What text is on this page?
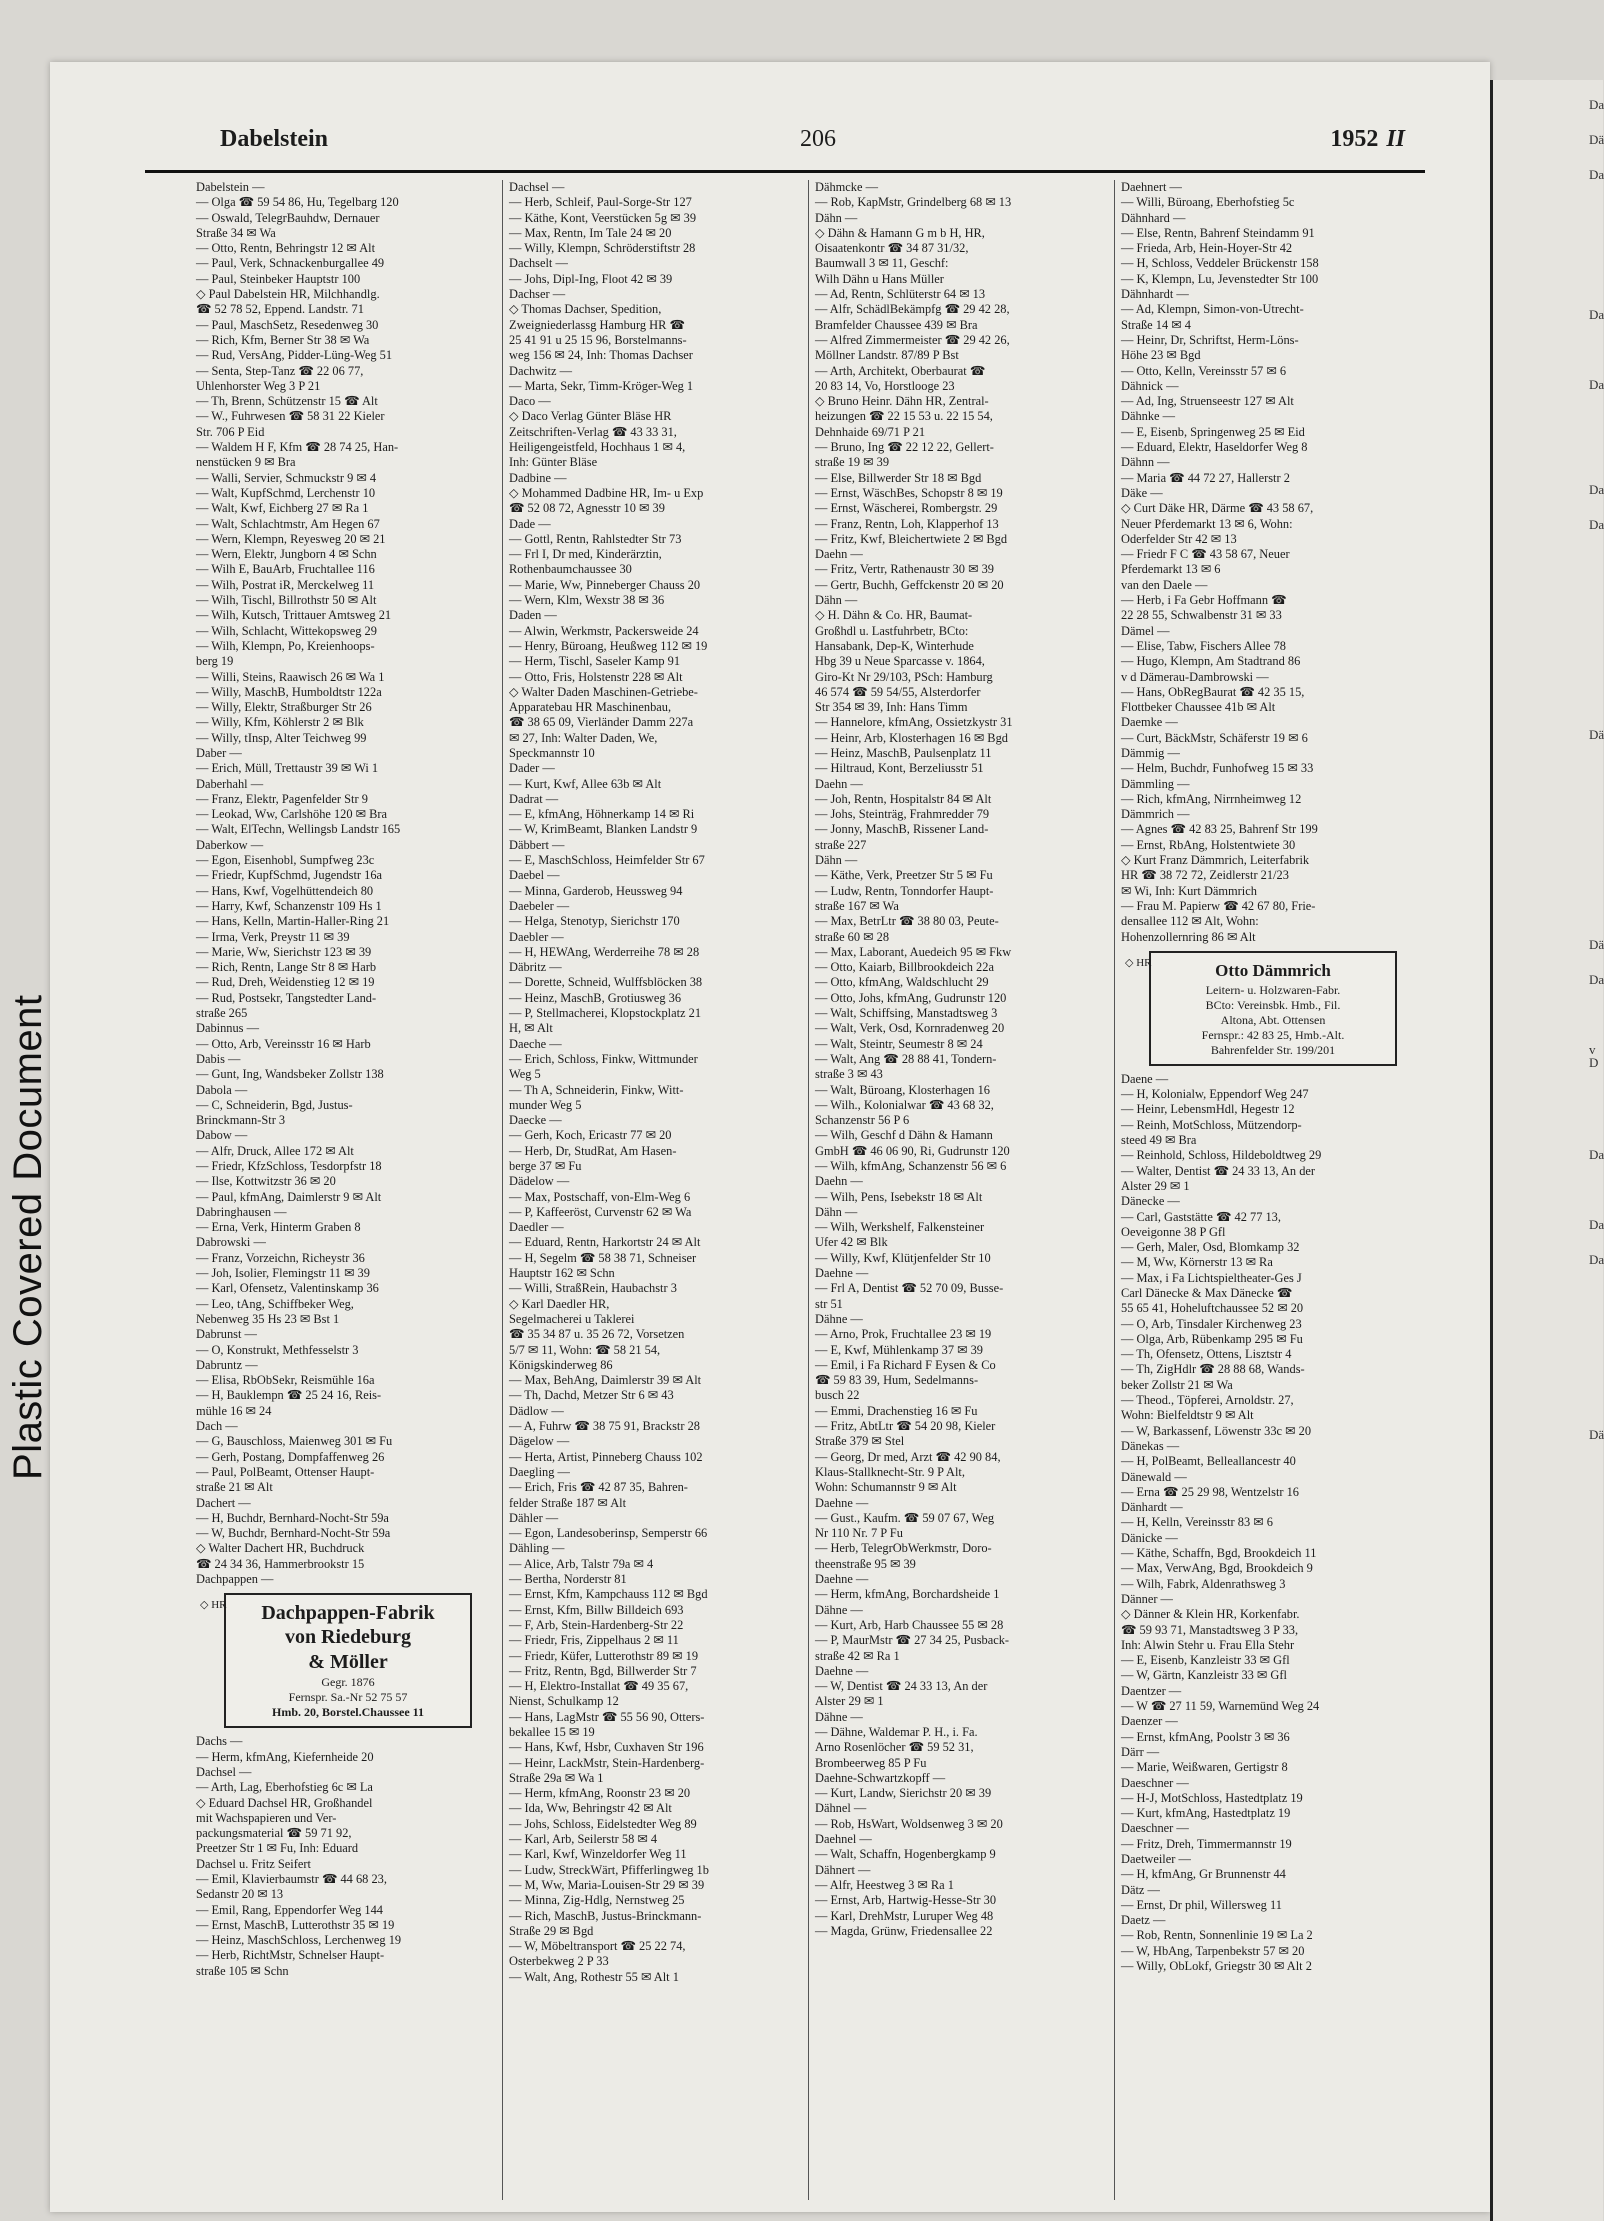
Plastic Covered Document
Da
Dä
Da
Da
Da
Da
Da
Dä
Dä
Da
v D
Da
Da
Da
Dä
Dabelstein	206	1952 II
Dabelstein —
— Olga ☎ 59 54 86, Hu, Tegelbarg 120
— Oswald, TelegrBauhdw, Dernauer
Straße 34 ✉ Wa
— Otto, Rentn, Behringstr 12 ✉ Alt
— Paul, Verk, Schnackenburgallee 49
— Paul, Steinbeker Hauptstr 100
◇ Paul Dabelstein HR, Milchhandlg.
☎ 52 78 52, Eppend. Landstr. 71
— Paul, MaschSetz, Resedenweg 30
— Rich, Kfm, Berner Str 38 ✉ Wa
— Rud, VersAng, Pidder-Lüng-Weg 51
— Senta, Step-Tanz ☎ 22 06 77,
Uhlenhorster Weg 3 P 21
— Th, Brenn, Schützenstr 15 ☎ Alt
— W., Fuhrwesen ☎ 58 31 22 Kieler
Str. 706 P Eid
— Waldem H F, Kfm ☎ 28 74 25, Han-
nenstücken 9 ✉ Bra
— Walli, Servier, Schmuckstr 9 ✉ 4
— Walt, KupfSchmd, Lerchenstr 10
— Walt, Kwf, Eichberg 27 ✉ Ra 1
— Walt, Schlachtmstr, Am Hegen 67
— Wern, Klempn, Reyesweg 20 ✉ 21
— Wern, Elektr, Jungborn 4 ✉ Schn
— Wilh E, BauArb, Fruchtallee 116
— Wilh, Postrat iR, Merckelweg 11
— Wilh, Tischl, Billrothstr 50 ✉ Alt
— Wilh, Kutsch, Trittauer Amtsweg 21
— Wilh, Schlacht, Wittekopsweg 29
— Wilh, Klempn, Po, Kreienhoops-
berg 19
— Willi, Steins, Raawisch 26 ✉ Wa 1
— Willy, MaschB, Humboldtstr 122a
— Willy, Elektr, Straßburger Str 26
— Willy, Kfm, Köhlerstr 2 ✉ Blk
— Willy, tInsp, Alter Teichweg 99
Daber —
— Erich, Müll, Trettaustr 39 ✉ Wi 1
Daberhahl —
— Franz, Elektr, Pagenfelder Str 9
— Leokad, Ww, Carlshöhe 120 ✉ Bra
— Walt, ElTechn, Wellingsb Landstr 165
Daberkow —
— Egon, Eisenhobl, Sumpfweg 23c
— Friedr, KupfSchmd, Jugendstr 16a
— Hans, Kwf, Vogelhüttendeich 80
— Harry, Kwf, Schanzenstr 109 Hs 1
— Hans, Kelln, Martin-Haller-Ring 21
— Irma, Verk, Preystr 11 ✉ 39
— Marie, Ww, Sierichstr 123 ✉ 39
— Rich, Rentn, Lange Str 8 ✉ Harb
— Rud, Dreh, Weidenstieg 12 ✉ 19
— Rud, Postsekr, Tangstedter Land-
straße 265
Dabinnus —
— Otto, Arb, Vereinsstr 16 ✉ Harb
Dabis —
— Gunt, Ing, Wandsbeker Zollstr 138
Dabola —
— C, Schneiderin, Bgd, Justus-
Brinckmann-Str 3
Dabow —
— Alfr, Druck, Allee 172 ✉ Alt
— Friedr, KfzSchloss, Tesdorpfstr 18
— Ilse, Kottwitzstr 36 ✉ 20
— Paul, kfmAng, Daimlerstr 9 ✉ Alt
Dabringhausen —
— Erna, Verk, Hinterm Graben 8
Dabrowski —
— Franz, Vorzeichn, Richeystr 36
— Joh, Isolier, Flemingstr 11 ✉ 39
— Karl, Ofensetz, Valentinskamp 36
— Leo, tAng, Schiffbeker Weg,
Nebenweg 35 Hs 23 ✉ Bst 1
Dabrunst —
— O, Konstrukt, Methfesselstr 3
Dabruntz —
— Elisa, RbObSekr, Reismühle 16a
— H, Bauklempn ☎ 25 24 16, Reis-
mühle 16 ✉ 24
Dach —
— G, Bauschloss, Maienweg 301 ✉ Fu
— Gerh, Postang, Dompfaffenweg 26
— Paul, PolBeamt, Ottenser Haupt-
straße 21 ✉ Alt
Dachert —
— H, Buchdr, Bernhard-Nocht-Str 59a
— W, Buchdr, Bernhard-Nocht-Str 59a
◇ Walter Dachert HR, Buchdruck
☎ 24 34 36, Hammerbrookstr 15
Dachpappen —
◇ HR	Dachpappen-Fabrik
von Riedeburg
& Möller
Gegr. 1876
Fernspr. Sa.-Nr 52 75 57
Hmb. 20, Borstel.Chaussee 11
Dachs —
— Herm, kfmAng, Kiefernheide 20
Dachsel —
— Arth, Lag, Eberhofstieg 6c ✉ La
◇ Eduard Dachsel HR, Großhandel
mit Wachspapieren und Ver-
packungsmaterial ☎ 59 71 92,
Preetzer Str 1 ✉ Fu, Inh: Eduard
Dachsel u. Fritz Seifert
— Emil, Klavierbaumstr ☎ 44 68 23,
Sedanstr 20 ✉ 13
— Emil, Rang, Eppendorfer Weg 144
— Ernst, MaschB, Lutterothstr 35 ✉ 19
— Heinz, MaschSchloss, Lerchenweg 19
— Herb, RichtMstr, Schnelser Haupt-
straße 105 ✉ Schn
Dachsel —
— Herb, Schleif, Paul-Sorge-Str 127
— Käthe, Kont, Veerstücken 5g ✉ 39
— Max, Rentn, Im Tale 24 ✉ 20
— Willy, Klempn, Schröderstiftstr 28
Dachselt —
— Johs, Dipl-Ing, Floot 42 ✉ 39
Dachser —
◇ Thomas Dachser, Spedition,
Zweigniederlassg Hamburg HR ☎
25 41 91 u 25 15 96, Borstelmanns-
weg 156 ✉ 24, Inh: Thomas Dachser
Dachwitz —
— Marta, Sekr, Timm-Kröger-Weg 1
Daco —
◇ Daco Verlag Günter Bläse HR
Zeitschriften-Verlag ☎ 43 33 31,
Heiligengeistfeld, Hochhaus 1 ✉ 4,
Inh: Günter Bläse
Dadbine —
◇ Mohammed Dadbine HR, Im- u Exp
☎ 52 08 72, Agnesstr 10 ✉ 39
Dade —
— Gottl, Rentn, Rahlstedter Str 73
— Frl I, Dr med, Kinderärztin,
Rothenbaumchaussee 30
— Marie, Ww, Pinneberger Chauss 20
— Wern, Klm, Wexstr 38 ✉ 36
Daden —
— Alwin, Werkmstr, Packersweide 24
— Henry, Büroang, Heußweg 112 ✉ 19
— Herm, Tischl, Saseler Kamp 91
— Otto, Fris, Holstenstr 228 ✉ Alt
◇ Walter Daden Maschinen-Getriebe-
Apparatebau HR Maschinenbau,
☎ 38 65 09, Vierländer Damm 227a
✉ 27, Inh: Walter Daden, We,
Speckmannstr 10
Dader —
— Kurt, Kwf, Allee 63b ✉ Alt
Dadrat —
— E, kfmAng, Höhnerkamp 14 ✉ Ri
— W, KrimBeamt, Blanken Landstr 9
Däbbert —
— E, MaschSchloss, Heimfelder Str 67
Daebel —
— Minna, Garderob, Heussweg 94
Daebeler —
— Helga, Stenotyp, Sierichstr 170
Daebler —
— H, HEWAng, Werderreihe 78 ✉ 28
Däbritz —
— Dorette, Schneid, Wulffsblöcken 38
— Heinz, MaschB, Grotiusweg 36
— P, Stellmacherei, Klopstockplatz 21
H, ✉ Alt
Daeche —
— Erich, Schloss, Finkw, Wittmunder
Weg 5
— Th A, Schneiderin, Finkw, Witt-
munder Weg 5
Daecke —
— Gerh, Koch, Ericastr 77 ✉ 20
— Herb, Dr, StudRat, Am Hasen-
berge 37 ✉ Fu
Dädelow —
— Max, Postschaff, von-Elm-Weg 6
— P, Kaffeeröst, Curvenstr 62 ✉ Wa
Daedler —
— Eduard, Rentn, Harkortstr 24 ✉ Alt
— H, Segelm ☎ 58 38 71, Schneiser
Hauptstr 162 ✉ Schn
— Willi, StraßRein, Haubachstr 3
◇ Karl Daedler HR,
Segelmacherei u Taklerei
☎ 35 34 87 u. 35 26 72, Vorsetzen
5/7 ✉ 11, Wohn: ☎ 58 21 54,
Königskinderweg 86
— Max, BehAng, Daimlerstr 39 ✉ Alt
— Th, Dachd, Metzer Str 6 ✉ 43
Dädlow —
— A, Fuhrw ☎ 38 75 91, Brackstr 28
Dägelow —
— Herta, Artist, Pinneberg Chauss 102
Daegling —
— Erich, Fris ☎ 42 87 35, Bahren-
felder Straße 187 ✉ Alt
Dähler —
— Egon, Landesoberinsp, Semperstr 66
Dähling —
— Alice, Arb, Talstr 79a ✉ 4
— Bertha, Norderstr 81
— Ernst, Kfm, Kampchauss 112 ✉ Bgd
— Ernst, Kfm, Billw Billdeich 693
— F, Arb, Stein-Hardenberg-Str 22
— Friedr, Fris, Zippelhaus 2 ✉ 11
— Friedr, Küfer, Lutterothstr 89 ✉ 19
— Fritz, Rentn, Bgd, Billwerder Str 7
— H, Elektro-Installat ☎ 49 35 67,
Nienst, Schulkamp 12
— Hans, LagMstr ☎ 55 56 90, Otters-
bekallee 15 ✉ 19
— Hans, Kwf, Hsbr, Cuxhaven Str 196
— Heinr, LackMstr, Stein-Hardenberg-
Straße 29a ✉ Wa 1
— Herm, kfmAng, Roonstr 23 ✉ 20
— Ida, Ww, Behringstr 42 ✉ Alt
— Johs, Schloss, Eidelstedter Weg 89
— Karl, Arb, Seilerstr 58 ✉ 4
— Karl, Kwf, Winzeldorfer Weg 11
— Ludw, StreckWärt, Pfifferlingweg 1b
— M, Ww, Maria-Louisen-Str 29 ✉ 39
— Minna, Zig-Hdlg, Nernstweg 25
— Rich, MaschB, Justus-Brinckmann-
Straße 29 ✉ Bgd
— W, Möbeltransport ☎ 25 22 74,
Osterbekweg 2 P 33
— Walt, Ang, Rothestr 55 ✉ Alt 1
Dähmcke —
— Rob, KapMstr, Grindelberg 68 ✉ 13
Dähn —
◇ Dähn & Hamann G m b H, HR,
Oisaatenkontr ☎ 34 87 31/32,
Baumwall 3 ✉ 11, Geschf:
Wilh Dähn u Hans Müller
— Ad, Rentn, Schlüterstr 64 ✉ 13
— Alfr, SchädlBekämpfg ☎ 29 42 28,
Bramfelder Chaussee 439 ✉ Bra
— Alfred Zimmermeister ☎ 29 42 26,
Möllner Landstr. 87/89 P Bst
— Arth, Architekt, Oberbaurat ☎
20 83 14, Vo, Horstlooge 23
◇ Bruno Heinr. Dähn HR, Zentral-
heizungen ☎ 22 15 53 u. 22 15 54,
Dehnhaide 69/71 P 21
— Bruno, Ing ☎ 22 12 22, Gellert-
straße 19 ✉ 39
— Else, Billwerder Str 18 ✉ Bgd
— Ernst, WäschBes, Schopstr 8 ✉ 19
— Ernst, Wäscherei, Rombergstr. 29
— Franz, Rentn, Loh, Klapperhof 13
— Fritz, Kwf, Bleichertwiete 2 ✉ Bgd
Daehn —
— Fritz, Vertr, Rathenaustr 30 ✉ 39
— Gertr, Buchh, Geffckenstr 20 ✉ 20
Dähn —
◇ H. Dähn & Co. HR, Baumat-
Großhdl u. Lastfuhrbetr, BCto:
Hansabank, Dep-K, Winterhude
Hbg 39 u Neue Sparcasse v. 1864,
Giro-Kt Nr 29/103, PSch: Hamburg
46 574 ☎ 59 54/55, Alsterdorfer
Str 354 ✉ 39, Inh: Hans Timm
— Hannelore, kfmAng, Ossietzkystr 31
— Heinr, Arb, Klosterhagen 16 ✉ Bgd
— Heinz, MaschB, Paulsenplatz 11
— Hiltraud, Kont, Berzeliusstr 51
Daehn —
— Joh, Rentn, Hospitalstr 84 ✉ Alt
— Johs, Steinträg, Frahmredder 79
— Jonny, MaschB, Rissener Land-
straße 227
Dähn —
— Käthe, Verk, Preetzer Str 5 ✉ Fu
— Ludw, Rentn, Tonndorfer Haupt-
straße 167 ✉ Wa
— Max, BetrLtr ☎ 38 80 03, Peute-
straße 60 ✉ 28
— Max, Laborant, Auedeich 95 ✉ Fkw
— Otto, Kaiarb, Billbrookdeich 22a
— Otto, kfmAng, Waldschlucht 29
— Otto, Johs, kfmAng, Gudrunstr 120
— Walt, Schiffsing, Manstadtsweg 3
— Walt, Verk, Osd, Kornradenweg 20
— Walt, Steintr, Seumestr 8 ✉ 24
— Walt, Ang ☎ 28 88 41, Tondern-
straße 3 ✉ 43
— Walt, Büroang, Klosterhagen 16
— Wilh., Kolonialwar ☎ 43 68 32,
Schanzenstr 56 P 6
— Wilh, Geschf d Dähn & Hamann
GmbH ☎ 46 06 90, Ri, Gudrunstr 120
— Wilh, kfmAng, Schanzenstr 56 ✉ 6
Daehn —
— Wilh, Pens, Isebekstr 18 ✉ Alt
Dähn —
— Wilh, Werkshelf, Falkensteiner
Ufer 42 ✉ Blk
— Willy, Kwf, Klütjenfelder Str 10
Daehne —
— Frl A, Dentist ☎ 52 70 09, Busse-
str 51
Dähne —
— Arno, Prok, Fruchtallee 23 ✉ 19
— E, Kwf, Mühlenkamp 37 ✉ 39
— Emil, i Fa Richard F Eysen & Co
☎ 59 83 39, Hum, Sedelmanns-
busch 22
— Emmi, Drachenstieg 16 ✉ Fu
— Fritz, AbtLtr ☎ 54 20 98, Kieler
Straße 379 ✉ Stel
— Georg, Dr med, Arzt ☎ 42 90 84,
Klaus-Stallknecht-Str. 9 P Alt,
Wohn: Schumannstr 9 ✉ Alt
Daehne —
— Gust., Kaufm. ☎ 59 07 67, Weg
Nr 110 Nr. 7 P Fu
— Herb, TelegrObWerkmstr, Doro-
theenstraße 95 ✉ 39
Daehne —
— Herm, kfmAng, Borchardsheide 1
Dähne —
— Kurt, Arb, Harb Chaussee 55 ✉ 28
— P, MaurMstr ☎ 27 34 25, Pusback-
straße 42 ✉ Ra 1
Daehne —
— W, Dentist ☎ 24 33 13, An der
Alster 29 ✉ 1
Dähne —
— Dähne, Waldemar P. H., i. Fa.
Arno Rosenlöcher ☎ 59 52 31,
Brombeerweg 85 P Fu
Daehne-Schwartzkopff —
— Kurt, Landw, Sierichstr 20 ✉ 39
Dähnel —
— Rob, HsWart, Woldsenweg 3 ✉ 20
Daehnel —
— Walt, Schaffn, Hogenbergkamp 9
Dähnert —
— Alfr, Heestweg 3 ✉ Ra 1
— Ernst, Arb, Hartwig-Hesse-Str 30
— Karl, DrehMstr, Luruper Weg 48
— Magda, Grünw, Friedensallee 22
Daehnert —
— Willi, Büroang, Eberhofstieg 5c
Dähnhard —
— Else, Rentn, Bahrenf Steindamm 91
— Frieda, Arb, Hein-Hoyer-Str 42
— H, Schloss, Veddeler Brückenstr 158
— K, Klempn, Lu, Jevenstedter Str 100
Dähnhardt —
— Ad, Klempn, Simon-von-Utrecht-
Straße 14 ✉ 4
— Heinr, Dr, Schriftst, Herm-Löns-
Höhe 23 ✉ Bgd
— Otto, Kelln, Vereinsstr 57 ✉ 6
Dähnick —
— Ad, Ing, Struenseestr 127 ✉ Alt
Dähnke —
— E, Eisenb, Springenweg 25 ✉ Eid
— Eduard, Elektr, Haseldorfer Weg 8
Dähnn —
— Maria ☎ 44 72 27, Hallerstr 2
Däke —
◇ Curt Däke HR, Därme ☎ 43 58 67,
Neuer Pferdemarkt 13 ✉ 6, Wohn:
Oderfelder Str 42 ✉ 13
— Friedr F C ☎ 43 58 67, Neuer
Pferdemarkt 13 ✉ 6
van den Daele —
— Herb, i Fa Gebr Hoffmann ☎
22 28 55, Schwalbenstr 31 ✉ 33
Dämel —
— Elise, Tabw, Fischers Allee 78
— Hugo, Klempn, Am Stadtrand 86
v d Dämerau-Dambrowski —
— Hans, ObRegBaurat ☎ 42 35 15,
Flottbeker Chaussee 41b ✉ Alt
Daemke —
— Curt, BäckMstr, Schäferstr 19 ✉ 6
Dämmig —
— Helm, Buchdr, Funhofweg 15 ✉ 33
Dämmling —
— Rich, kfmAng, Nirrnheimweg 12
Dämmrich —
— Agnes ☎ 42 83 25, Bahrenf Str 199
— Ernst, RbAng, Holstentwiete 30
◇ Kurt Franz Dämmrich, Leiterfabrik
HR ☎ 38 72 72, Zeidlerstr 21/23
✉ Wi, Inh: Kurt Dämmrich
— Frau M. Papierw ☎ 42 67 80, Frie-
densallee 112 ✉ Alt, Wohn:
Hohenzollernring 86 ✉ Alt
◇ HR	Otto Dämmrich
Leitern- u. Holzwaren-Fabr.
BCto: Vereinsbk. Hmb., Fil.
Altona, Abt. Ottensen
Fernspr.: 42 83 25, Hmb.-Alt.
Bahrenfelder Str. 199/201
Daene —
— H, Kolonialw, Eppendorf Weg 247
— Heinr, LebensmHdl, Hegestr 12
— Reinh, MotSchloss, Mützendorp-
steed 49 ✉ Bra
— Reinhold, Schloss, Hildeboldtweg 29
— Walter, Dentist ☎ 24 33 13, An der
Alster 29 ✉ 1
Dänecke —
— Carl, Gaststätte ☎ 42 77 13,
Oeveigonne 38 P Gfl
— Gerh, Maler, Osd, Blomkamp 32
— M, Ww, Körnerstr 13 ✉ Ra
— Max, i Fa Lichtspieltheater-Ges J
Carl Dänecke & Max Dänecke ☎
55 65 41, Hoheluftchaussee 52 ✉ 20
— O, Arb, Tinsdaler Kirchenweg 23
— Olga, Arb, Rübenkamp 295 ✉ Fu
— Th, Ofensetz, Ottens, Lisztstr 4
— Th, ZigHdlr ☎ 28 88 68, Wands-
beker Zollstr 21 ✉ Wa
— Theod., Töpferei, Arnoldstr. 27,
Wohn: Bielfeldtstr 9 ✉ Alt
— W, Barkassenf, Löwenstr 33c ✉ 20
Dänekas —
— H, PolBeamt, Belleallancestr 40
Dänewald —
— Erna ☎ 25 29 98, Wentzelstr 16
Dänhardt —
— H, Kelln, Vereinsstr 83 ✉ 6
Dänicke —
— Käthe, Schaffn, Bgd, Brookdeich 11
— Max, VerwAng, Bgd, Brookdeich 9
— Wilh, Fabrk, Aldenrathsweg 3
Dänner —
◇ Dänner & Klein HR, Korkenfabr.
☎ 59 93 71, Manstadtsweg 3 P 33,
Inh: Alwin Stehr u. Frau Ella Stehr
— E, Eisenb, Kanzleistr 33 ✉ Gfl
— W, Gärtn, Kanzleistr 33 ✉ Gfl
Daentzer —
— W ☎ 27 11 59, Warnemünd Weg 24
Daenzer —
— Ernst, kfmAng, Poolstr 3 ✉ 36
Därr —
— Marie, Weißwaren, Gertigstr 8
Daeschner —
— H-J, MotSchloss, Hastedtplatz 19
— Kurt, kfmAng, Hastedtplatz 19
Daeschner —
— Fritz, Dreh, Timmermannstr 19
Daetweiler —
— H, kfmAng, Gr Brunnenstr 44
Dätz —
— Ernst, Dr phil, Willersweg 11
Daetz —
— Rob, Rentn, Sonnenlinie 19 ✉ La 2
— W, HbAng, Tarpenbekstr 57 ✉ 20
— Willy, ObLokf, Griegstr 30 ✉ Alt 2
